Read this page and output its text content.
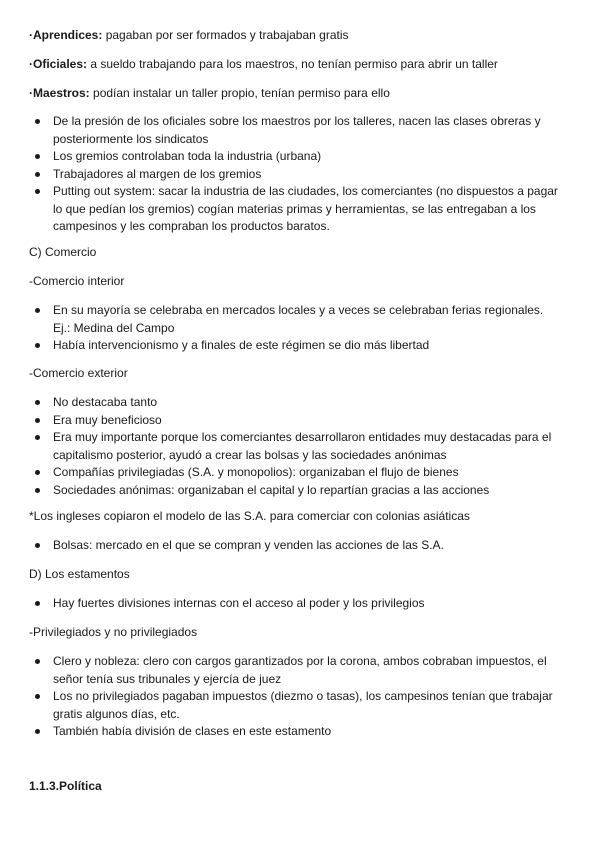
·Aprendices: pagaban por ser formados y trabajaban gratis

·Oficiales: a sueldo trabajando para los maestros, no tenían permiso para abrir un taller

·Maestros: podían instalar un taller propio, tenían permiso para ello

De la presión de los oficiales sobre los maestros por los talleres, nacen las clases obreras y posteriormente los sindicatos
Los gremios controlaban toda la industria (urbana)
Trabajadores al margen de los gremios
Putting out system: sacar la industria de las ciudades, los comerciantes (no dispuestos a pagar lo que pedían los gremios) cogían materias primas y herramientas, se las entregaban a los campesinos y les compraban los productos baratos.

C) Comercio

-Comercio interior

En su mayoría se celebraba en mercados locales y a veces se celebraban ferias regionales. Ej.: Medina del Campo
Había intervencionismo y a finales de este régimen se dio más libertad

-Comercio exterior

No destacaba tanto
Era muy beneficioso
Era muy importante porque los comerciantes desarrollaron entidades muy destacadas para el capitalismo posterior, ayudó a crear las bolsas y las sociedades anónimas
Compañías privilegiadas (S.A. y monopolios): organizaban el flujo de bienes
Sociedades anónimas: organizaban el capital y lo repartían gracias a las acciones

*Los ingleses copiaron el modelo de las S.A. para comerciar con colonias asiáticas

Bolsas: mercado en el que se compran y venden las acciones de las S.A.

D) Los estamentos

Hay fuertes divisiones internas con el acceso al poder y los privilegios

-Privilegiados y no privilegiados

Clero y nobleza: clero con cargos garantizados por la corona, ambos cobraban impuestos, el señor tenía sus tribunales y ejercía de juez
Los no privilegiados pagaban impuestos (diezmo o tasas), los campesinos tenían que trabajar gratis algunos días, etc.
También había división de clases en este estamento

1.1.3.Política
